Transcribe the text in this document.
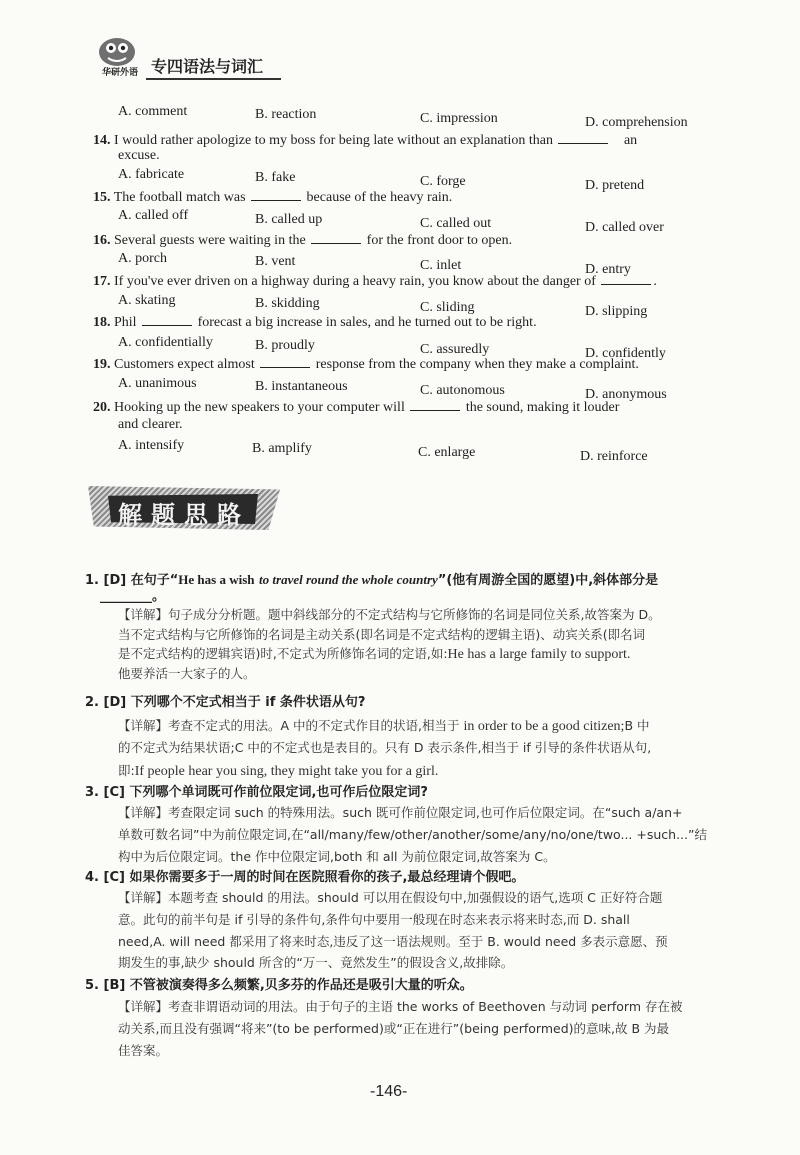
华研外语 专四语法与词汇
A. comment	B. reaction	C. impression	D. comprehension
14. I would rather apologize to my boss for being late without an explanation than	an
excuse.
A. fabricate	B. fake	C. forge	D. pretend
15. The football match was	because of the heavy rain.
A. called off	B. called up	C. called out	D. called over
16. Several guests were waiting in the	for the front door to open.
A. porch	B. vent	C. inlet	D. entry
17. If you've ever driven on a highway during a heavy rain, you know about the danger of	.
A. skating	B. skidding	C. sliding	D. slipping
18. Phil	forecast a big increase in sales, and he turned out to be right.
A. confidentially	B. proudly	C. assuredly	D. confidently
19. Customers expect almost	response from the company when they make a complaint.
A. unanimous	B. instantaneous	C. autonomous	D. anonymous
20. Hooking up the new speakers to your computer will	the sound, making it louder
and clearer.
A. intensify	B. amplify	C. enlarge	D. reinforce
解题思路
1. [D] 在句子“He has a wish to travel round the whole country”(他有周游全国的愿望)中,斜体部分是
________。
【详解】句子成分分析题。题中斜线部分的不定式结构与它所修饰的名词是同位关系,故答案为 D。
当不定式结构与它所修饰的名词是主动关系(即名词是不定式结构的逻辑主语)、动宾关系(即名词
是不定式结构的逻辑宾语)时,不定式为所修饰名词的定语,如:He has a large family to support.
他要养活一大家子的人。
2. [D] 下列哪个不定式相当于 if 条件状语从句?
【详解】考查不定式的用法。A 中的不定式作目的状语,相当于 in order to be a good citizen;B 中
的不定式为结果状语;C 中的不定式也是表目的。只有 D 表示条件,相当于 if 引导的条件状语从句,
即:If people hear you sing, they might take you for a girl.
3. [C] 下列哪个单词既可作前位限定词,也可作后位限定词?
【详解】考查限定词 such 的特殊用法。such 既可作前位限定词,也可作后位限定词。在“such a/an+
单数可数名词”中为前位限定词,在“all/many/few/other/another/some/any/no/one/two... +such...”结
构中为后位限定词。the 作中位限定词,both 和 all 为前位限定词,故答案为 C。
4. [C] 如果你需要多于一周的时间在医院照看你的孩子,最总经理请个假吧。
【详解】本题考查 should 的用法。should 可以用在假设句中,加强假设的语气,选项 C 正好符合题
意。此句的前半句是 if 引导的条件句,条件句中要用一般现在时态来表示将来时态,而 D. shall
need,A. will need 都采用了将来时态,违反了这一语法规则。至于 B. would need 多表示意愿、预
期发生的事,缺少 should 所含的“万一、竟然发生”的假设含义,故排除。
5. [B] 不管被演奏得多么频繁,贝多芬的作品还是吸引大量的听众。
【详解】考查非谓语动词的用法。由于句子的主语 the works of Beethoven 与动词 perform 存在被
动关系,而且没有强调“将来”(to be performed)或“正在进行”(being performed)的意味,故 B 为最
佳答案。
-146-
